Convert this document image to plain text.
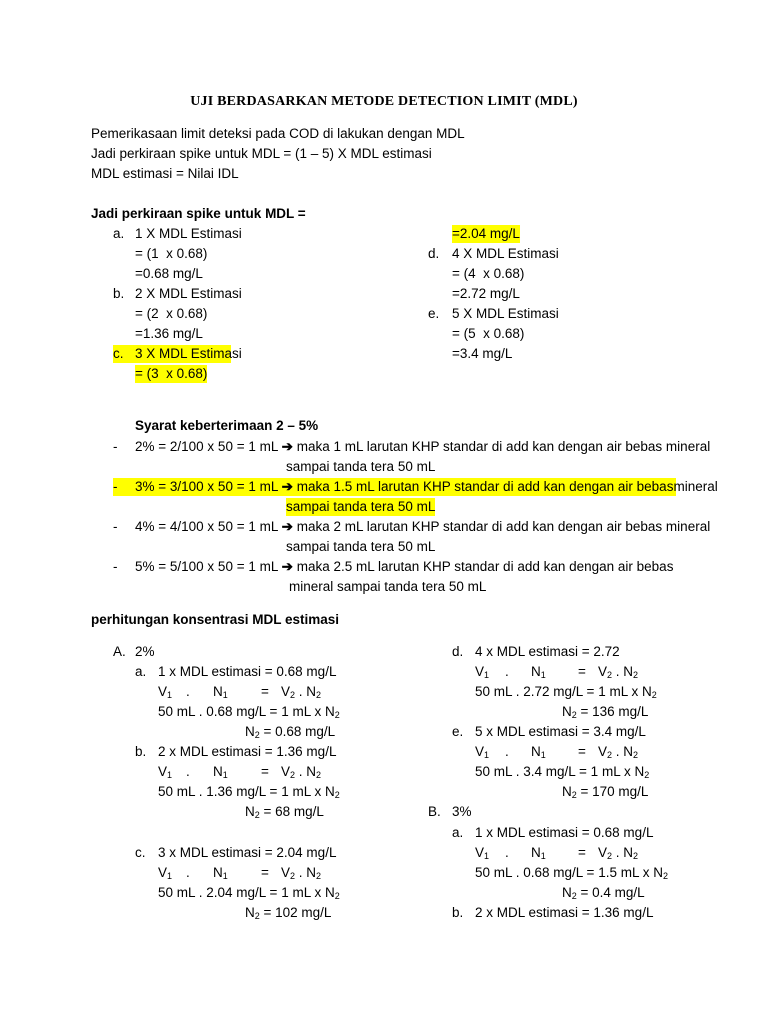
UJI BERDASARKAN METODE DETECTION LIMIT (MDL)
Pemerikasaan limit deteksi pada COD di lakukan dengan MDL
Jadi perkiraan spike untuk MDL = (1 – 5) X MDL estimasi
MDL estimasi = Nilai IDL
Jadi perkiraan spike untuk MDL =
a. 1 X MDL Estimasi
= (1  x 0.68)
=0.68 mg/L
b. 2 X MDL Estimasi
= (2  x 0.68)
=1.36 mg/L
c. 3 X MDL Estimasi
= (3  x 0.68)
=2.04 mg/L
d. 4 X MDL Estimasi
= (4  x 0.68)
=2.72 mg/L
e. 5 X MDL Estimasi
= (5  x 0.68)
=3.4 mg/L
Syarat keberterimaan 2 – 5%
- 2% = 2/100 x 50 = 1 mL ➔ maka 1 mL larutan KHP standar di add kan dengan air bebas mineral
sampai tanda tera 50 mL
- 3% = 3/100 x 50 = 1 mL ➔ maka 1.5 mL larutan KHP standar di add kan dengan air bebasmineral
sampai tanda tera 50 mL
- 4% = 4/100 x 50 = 1 mL ➔ maka 2 mL larutan KHP standar di add kan dengan air bebas mineral
sampai tanda tera 50 mL
- 5% = 5/100 x 50 = 1 mL ➔ maka 2.5 mL larutan KHP standar di add kan dengan air bebas
mineral sampai tanda tera 50 mL
perhitungan konsentrasi MDL estimasi
A. 2%
a. 1 x MDL estimasi = 0.68 mg/L
$V_1$ . $N_1 = V_2$ . $N_2$
50 mL . 0.68 mg/L = 1 mL x $N_2$
$N_2 = 0.68$ mg/L
b. 2 x MDL estimasi = 1.36 mg/L
$V_1$ . $N_1 = V_2$ . $N_2$
50 mL . 1.36 mg/L = 1 mL x $N_2$
$N_2 = 68$ mg/L
c. 3 x MDL estimasi = 2.04 mg/L
$V_1$ . $N_1 = V_2$ . $N_2$
50 mL . 2.04 mg/L = 1 mL x $N_2$
$N_2 = 102$ mg/L
d. 4 x MDL estimasi = 2.72
$V_1$ . $N_1 = V_2$ . $N_2$
50 mL . 2.72 mg/L = 1 mL x $N_2$
$N_2 = 136$ mg/L
e. 5 x MDL estimasi = 3.4 mg/L
$V_1$ . $N_1 = V_2$ . $N_2$
50 mL . 3.4 mg/L = 1 mL x $N_2$
$N_2 = 170$ mg/L
B. 3%
a. 1 x MDL estimasi = 0.68 mg/L
$V_1$ . $N_1 = V_2$ . $N_2$
50 mL . 0.68 mg/L = 1.5 mL x $N_2$
$N_2 = 0.4$ mg/L
b. 2 x MDL estimasi = 1.36 mg/L
